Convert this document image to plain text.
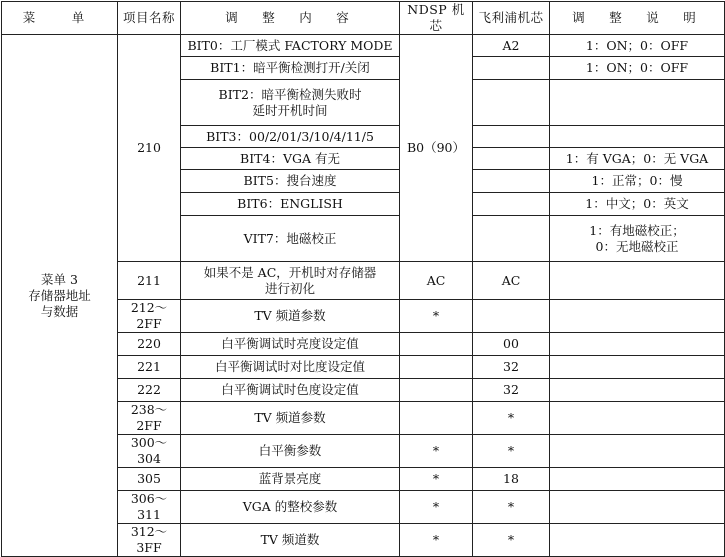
菜　单	项目名称	调　整　内　容	NDSP 机芯	飞利浦机芯	调　整　说　明
菜单 3
存储器地址
与数据	210	BIT0：工厂模式 FACTORY MODE	B0（90）	A2	1：ON；0：OFF
		BIT1：暗平衡检测打开/关闭			1：ON；0：OFF
		BIT2：暗平衡检测失败时
延时开机时间			
		BIT3：00/2/01/3/10/4/11/5			
		BIT4：VGA 有无			1：有 VGA；0：无 VGA
		BIT5：搜台速度			1：正常；0：慢
		BIT6：ENGLISH			1：中文；0：英文
		VIT7：地磁校正			1：有地磁校正；
0：无地磁校正
	211	如果不是 AC，开机时对存储器
进行初化	AC	AC	
	212～2FF	TV 频道参数	*		
	220	白平衡调试时亮度设定值		00	
	221	白平衡调试时对比度设定值		32	
	222	白平衡调试时色度设定值		32	
	238～2FF	TV 频道参数		*	
	300～304	白平衡参数	*	*	
	305	蓝背景亮度	*	18	
	306～311	VGA 的整校参数	*	*	
	312～3FF	TV 频道数	*	*	
